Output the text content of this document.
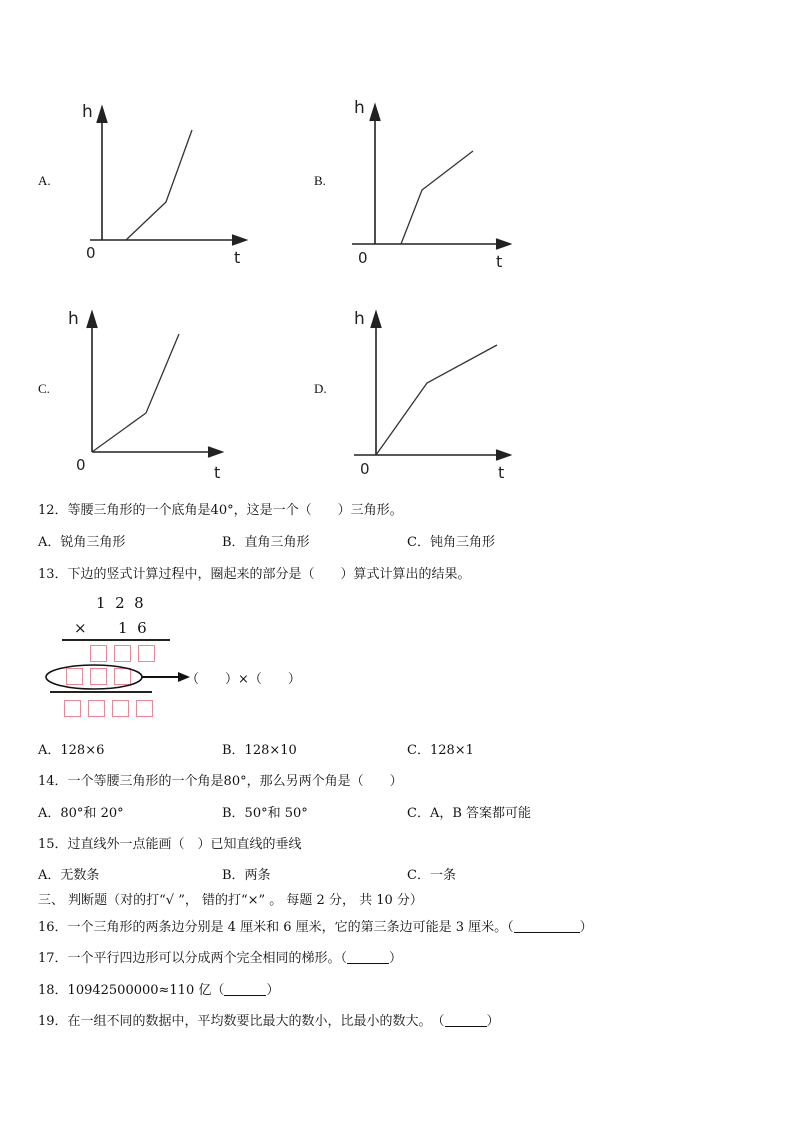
A.
h
0	t
B.
h
0	t
C.
h
0	t
D.
h
0	t
12．等腰三角形的一个底角是40°，这是一个（　　）三角形。
A．锐角三角形	B．直角三角形	C．钝角三角形
13．下边的竖式计算过程中，圈起来的部分是（　　）算式计算出的结果。
1  2  8
× 1  6
（　　）×（　　）
A．128×6	B．128×10	C．128×1
14．一个等腰三角形的一个角是80°，那么另两个角是（　　）
A．80°和 20°	B．50°和 50°	C．A，B 答案都可能
15．过直线外一点能画（　）已知直线的垂线
A．无数条	B．两条	C．一条
三、 判断题（对的打“√ ”， 错的打“×” 。 每题 2 分， 共 10 分）
16．一个三角形的两条边分别是 4 厘米和 6 厘米，它的第三条边可能是 3 厘米。（	）
17．一个平行四边形可以分成两个完全相同的梯形。（	）
18．10942500000≈110 亿（	）
19．在一组不同的数据中，平均数要比最大的数小，比最小的数大。　（	）
